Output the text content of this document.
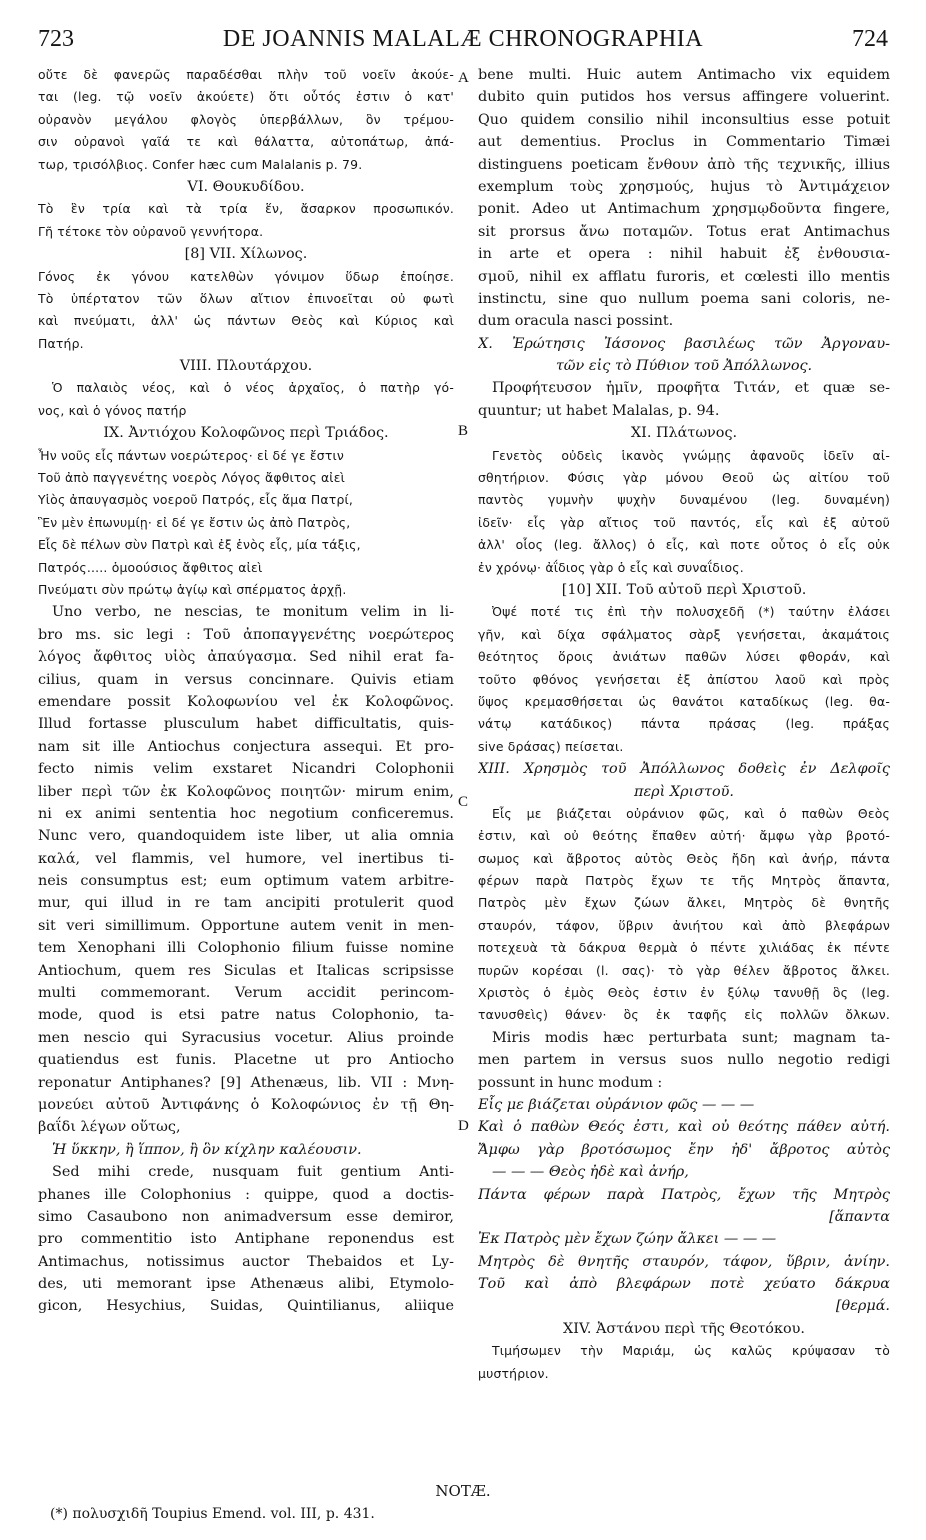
723	DE JOANNIS MALALÆ CHRONOGRAPHIA	724
οὔτε δὲ φανερῶς παραδέσθαι πλὴν τοῦ νοεῖν ἀκούε-
ται (leg. τῷ νοεῖν ἀκούετε) ὅτι οὗτός ἐστιν ὁ κατ'
οὐρανὸν μεγάλου φλογὸς ὑπερβάλλων, ὃν τρέμου-
σιν οὐρανοὶ γαῖά τε καὶ θάλαττα, αὐτοπάτωρ, ἀπά-
τωρ, τρισόλβιος. Confer hæc cum Malalanis p. 79.
VI. Θουκυδίδου.
Τὸ ἓν τρία καὶ τὰ τρία ἕν, ἄσαρκον προσωπικόν.
Γῆ τέτοκε τὸν οὐρανοῦ γεννήτορα.
[8] VII. Χίλωνος.
Γόνος ἐκ γόνου κατελθὼν γόνιμον ὕδωρ ἐποίησε.
Τὸ ὑπέρτατον τῶν ὅλων αἴτιον ἐπινοεῖται οὐ φωτὶ
καὶ πνεύματι, ἀλλ' ὡς πάντων Θεὸς καὶ Κύριος καὶ
Πατήρ.
VIII. Πλουτάρχου.
Ὁ παλαιὸς νέος, καὶ ὁ νέος ἀρχαῖος, ὁ πατὴρ γό-
νος, καὶ ὁ γόνος πατήρ
IX. Ἀντιόχου Κολοφῶνος περὶ Τριάδος.
Ἦν νοῦς εἷς πάντων νοερώτερος· εἰ δέ γε ἔστιν
Τοῦ ἀπὸ παγγενέτης νοερὸς Λόγος ἄφθιτος αἰεὶ
Υἱὸς ἀπαυγασμὸς νοεροῦ Πατρός, εἷς ἅμα Πατρί,
Ἓν μὲν ἐπωνυμίῃ· εἰ δέ γε ἔστιν ὡς ἀπὸ Πατρὸς,
Εἷς δὲ πέλων σὺν Πατρὶ καὶ ἐξ ἑνὸς εἷς, μία τάξις,
Πατρός..... ὁμοούσιος ἄφθιτος αἰεὶ
Πνεύματι σὺν πρώτῳ ἁγίῳ καὶ σπέρματος ἀρχῇ.
Uno verbo, ne nescias, te monitum velim in li-
bro ms. sic legi : Τοῦ ἀποπαγγενέτης νοερώτερος
λόγος ἄφθιτος υἱὸς ἀπαύγασμα. Sed nihil erat fa-
cilius, quam in versus concinnare. Quivis etiam
emendare possit Κολοφωνίου vel ἐκ Κολοφῶνος.
Illud fortasse plusculum habet difficultatis, quis-
nam sit ille Antiochus conjectura assequi. Et pro-
fecto nimis velim exstaret Nicandri Colophonii
liber περὶ τῶν ἐκ Κολοφῶνος ποιητῶν· mirum enim,
ni ex animi sententia hoc negotium conficeremus.
Nunc vero, quandoquidem iste liber, ut alia omnia
καλά, vel flammis, vel humore, vel inertibus ti-
neis consumptus est; eum optimum vatem arbitre-
mur, qui illud in re tam ancipiti protulerit quod
sit veri simillimum. Opportune autem venit in men-
tem Xenophani illi Colophonio filium fuisse nomine
Antiochum, quem res Siculas et Italicas scripsisse
multi commemorant. Verum accidit perincom-
mode, quod is etsi patre natus Colophonio, ta-
men nescio qui Syracusius vocetur. Alius proinde
quatiendus est funis. Placetne ut pro Antiocho
reponatur Antiphanes? [9] Athenæus, lib. VII : Μνη-
μονεύει αὐτοῦ Ἀντιφάνης ὁ Κολοφώνιος ἐν τῇ Θη-
βαΐδι λέγων οὕτως,
Ἡ ὕκκην, ἢ ἵππον, ἢ ὃν κίχλην καλέουσιν.
Sed mihi crede, nusquam fuit gentium Anti-
phanes ille Colophonius : quippe, quod a doctis-
simo Casaubono non animadversum esse demiror,
pro commentitio isto Antiphane reponendus est
Antimachus, notissimus auctor Thebaidos et Ly-
des, uti memorant ipse Athenæus alibi, Etymolo-
gicon, Hesychius, Suidas, Quintilianus, aliique
bene multi. Huic autem Antimacho vix equidem
dubito quin putidos hos versus affingere voluerint.
Quo quidem consilio nihil inconsultius esse potuit
aut dementius. Proclus in Commentario Timæi
distinguens poeticam ἔνθουν ἀπὸ τῆς τεχνικῆς, illius
exemplum τοὺς χρησμούς, hujus τὸ Ἀντιμάχειον
ponit. Adeo ut Antimachum χρησμῳδοῦντα fingere,
sit prorsus ἄνω ποταμῶν. Totus erat Antimachus
in arte et opera : nihil habuit ἐξ ἐνθουσια-
σμοῦ, nihil ex afflatu furoris, et cœlesti illo mentis
instinctu, sine quo nullum poema sani coloris, ne-
dum oracula nasci possint.
X. Ἐρώτησις Ἰάσονος βασιλέως τῶν Ἀργοναυ-
τῶν εἰς τὸ Πύθιον τοῦ Ἀπόλλωνος.
Προφήτευσον ἡμῖν, προφῆτα Τιτάν, et quæ se-
quuntur; ut habet Malalas, p. 94.
XI. Πλάτωνος.
Γενετὸς οὐδεὶς ἱκανὸς γνώμῃς ἀφανοῦς ἰδεῖν αἰ-
σθητήριον. Φύσις γὰρ μόνου Θεοῦ ὡς αἰτίου τοῦ
παντὸς γυμνὴν ψυχὴν δυναμένου (leg. δυναμένη)
ἰδεῖν· εἷς γὰρ αἴτιος τοῦ παντός, εἷς καὶ ἐξ αὐτοῦ
ἀλλ' οἷος (leg. ἄλλος) ὁ εἷς, καὶ ποτε οὗτος ὁ εἷς οὐκ
ἐν χρόνῳ· ἀΐδιος γὰρ ὁ εἷς καὶ συναΐδιος.
[10] XII. Τοῦ αὐτοῦ περὶ Χριστοῦ.
Ὀψέ ποτέ τις ἐπὶ τὴν πολυσχεδῆ (*) ταύτην ἐλάσει
γῆν, καὶ δίχα σφάλματος σὰρξ γενήσεται, ἀκαμάτοις
θεότητος ὅροις ἀνιάτων παθῶν λύσει φθοράν, καὶ
τοῦτο φθόνος γενήσεται ἐξ ἀπίστου λαοῦ καὶ πρὸς
ὕψος κρεμασθήσεται ὡς θανάτοι καταδίκως (leg. θα-
νάτῳ κατάδικος) πάντα πράσας (leg. πράξας
sive δράσας) πείσεται.
XIII. Χρησμὸς τοῦ Ἀπόλλωνος δοθεὶς ἐν Δελφοῖς
περὶ Χριστοῦ.
Εἷς με βιάζεται οὐράνιον φῶς, καὶ ὁ παθὼν Θεὸς
ἐστιν, καὶ οὐ θεότης ἔπαθεν αὐτή· ἄμφω γὰρ βροτό-
σωμος καὶ ἄβροτος αὐτὸς Θεὸς ἤδη καὶ ἀνήρ, πάντα
φέρων παρὰ Πατρὸς ἔχων τε τῆς Μητρὸς ἅπαντα,
Πατρὸς μὲν ἔχων ζώων ἄλκει, Μητρὸς δὲ θνητῆς
σταυρόν, τάφον, ὕβριν ἀνιήτου καὶ ἀπὸ βλεφάρων
ποτεχευὰ τὰ δάκρυα θερμὰ ὁ πέντε χιλιάδας ἐκ πέντε
πυρῶν κορέσαι (l. σας)· τὸ γὰρ θέλεν ἄβροτος ἄλκει.
Χριστὸς ὁ ἐμὸς Θεὸς ἐστιν ἐν ξύλῳ τανυθῇ ὃς (leg.
τανυσθεὶς) θάνεν· ὃς ἐκ ταφῆς εἰς πολλῶν ὄλκων.
Miris modis hæc perturbata sunt; magnam ta-
men partem in versus suos nullo negotio redigi
possunt in hunc modum :
Εἷς με βιάζεται οὐράνιον φῶς — — —
Καὶ ὁ παθὼν Θεός ἐστι, καὶ οὐ θεότης πάθεν αὐτή.
Ἄμφω γὰρ βροτόσωμος ἔην ἠδ' ἄβροτος αὐτὸς
— — — Θεὸς ἠδὲ καὶ ἀνήρ,
Πάντα φέρων παρὰ Πατρὸς, ἔχων τῆς Μητρὸς
[ἅπαντα
Ἐκ Πατρὸς μὲν ἔχων ζώην ἄλκει — — —
Μητρὸς δὲ θνητῆς σταυρόν, τάφον, ὕβριν, ἀνίην.
Τοῦ καὶ ἀπὸ βλεφάρων ποτὲ χεύατο δάκρυα
[θερμά.
XIV. Ἀστάνου περὶ τῆς Θεοτόκου.
Τιμήσωμεν τὴν Μαριάμ, ὡς καλῶς κρύψασαν τὸ
μυστήριον.
A
B
C
D
NOTÆ.
(*) πολυσχιδῆ Toupius Emend. vol. III, p. 431.
